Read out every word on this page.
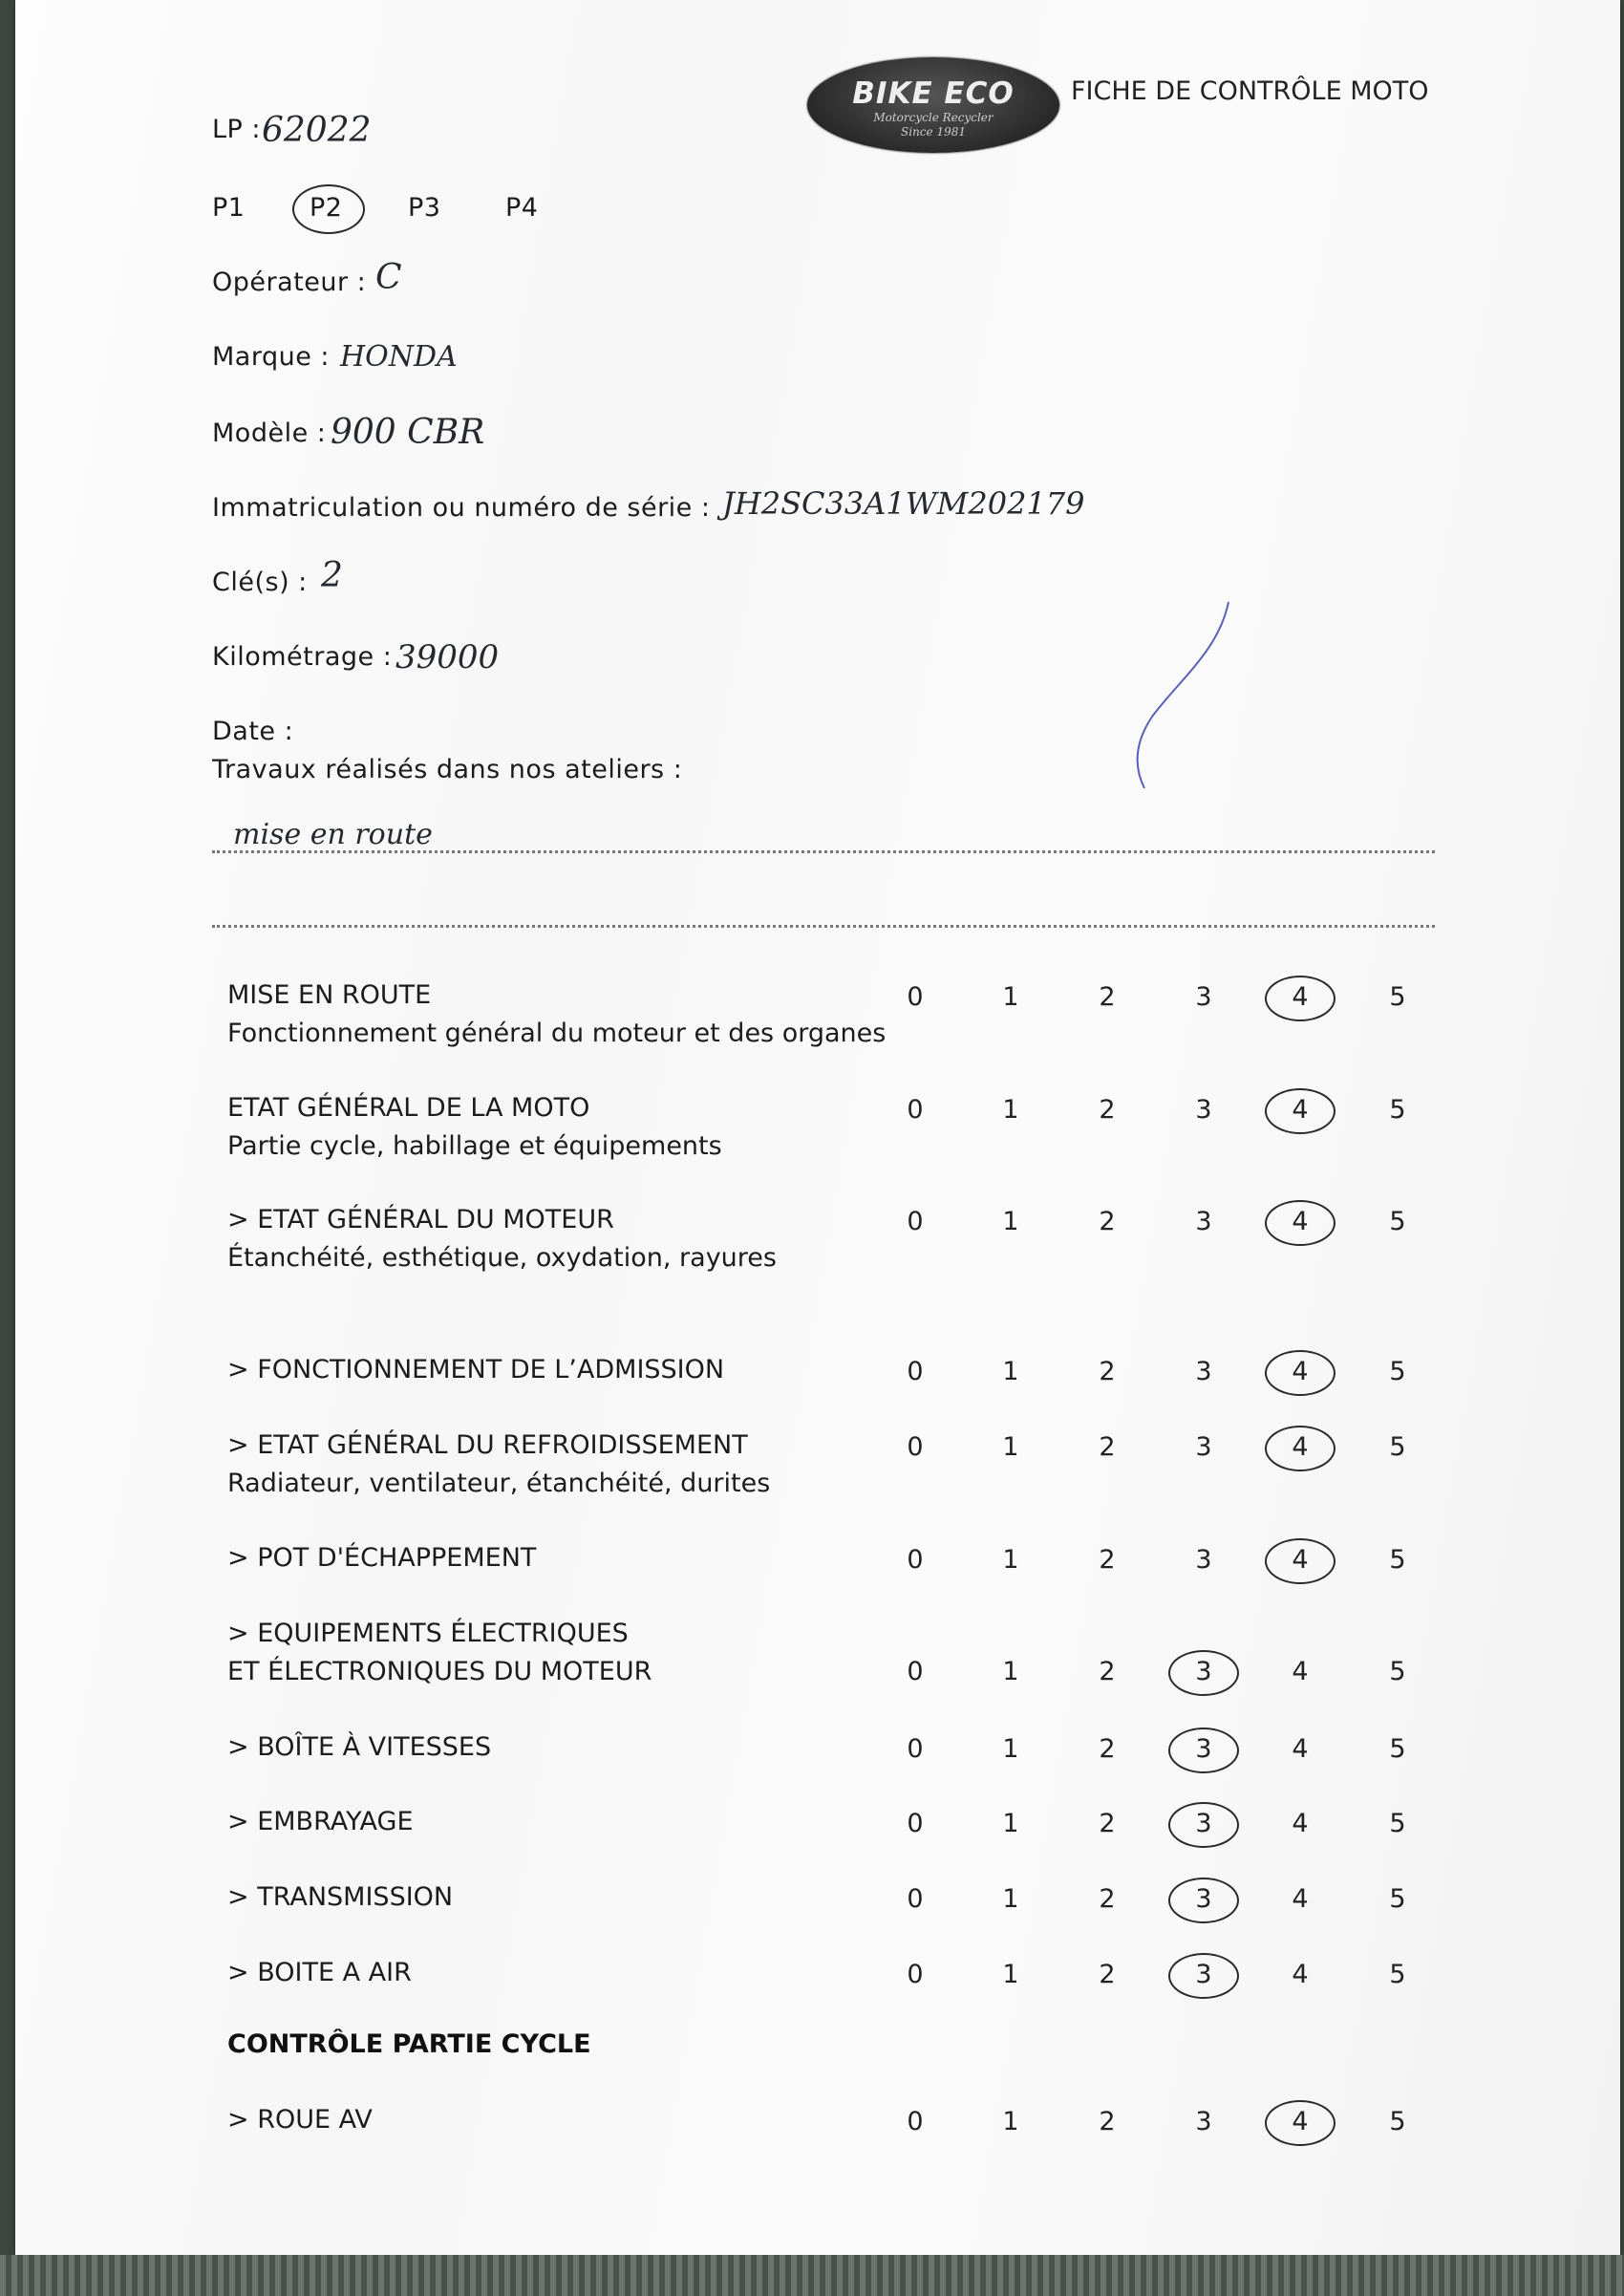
BIKE ECO
Motorcycle Recycler
Since 1981
FICHE DE CONTRÔLE MOTO
LP : 62022
P1	P2	P3	P4
Opérateur : C
Marque : HONDA
Modèle : 900 CBR
Immatriculation ou numéro de série : JH2SC33A1WM202179
Clé(s) : 2
Kilométrage : 39000
Date :
Travaux réalisés dans nos ateliers :
mise en route
MISE EN ROUTE
Fonctionnement général du moteur et des organes
0	1	2	3	4	5
ETAT GÉNÉRAL DE LA MOTO
Partie cycle, habillage et équipements
0	1	2	3	4	5
> ETAT GÉNÉRAL DU MOTEUR
Étanchéité, esthétique, oxydation, rayures
0	1	2	3	4	5
> FONCTIONNEMENT DE L’ADMISSION	0	1	2	3	4	5
> ETAT GÉNÉRAL DU REFROIDISSEMENT
Radiateur, ventilateur, étanchéité, durites
0	1	2	3	4	5
> POT D'ÉCHAPPEMENT	0	1	2	3	4	5
> EQUIPEMENTS ÉLECTRIQUES
ET ÉLECTRONIQUES DU MOTEUR	0	1	2	3	4	5
> BOÎTE À VITESSES	0	1	2	3	4	5
> EMBRAYAGE	0	1	2	3	4	5
> TRANSMISSION	0	1	2	3	4	5
> BOITE A AIR	0	1	2	3	4	5
CONTRÔLE PARTIE CYCLE
> ROUE AV	0	1	2	3	4	5
